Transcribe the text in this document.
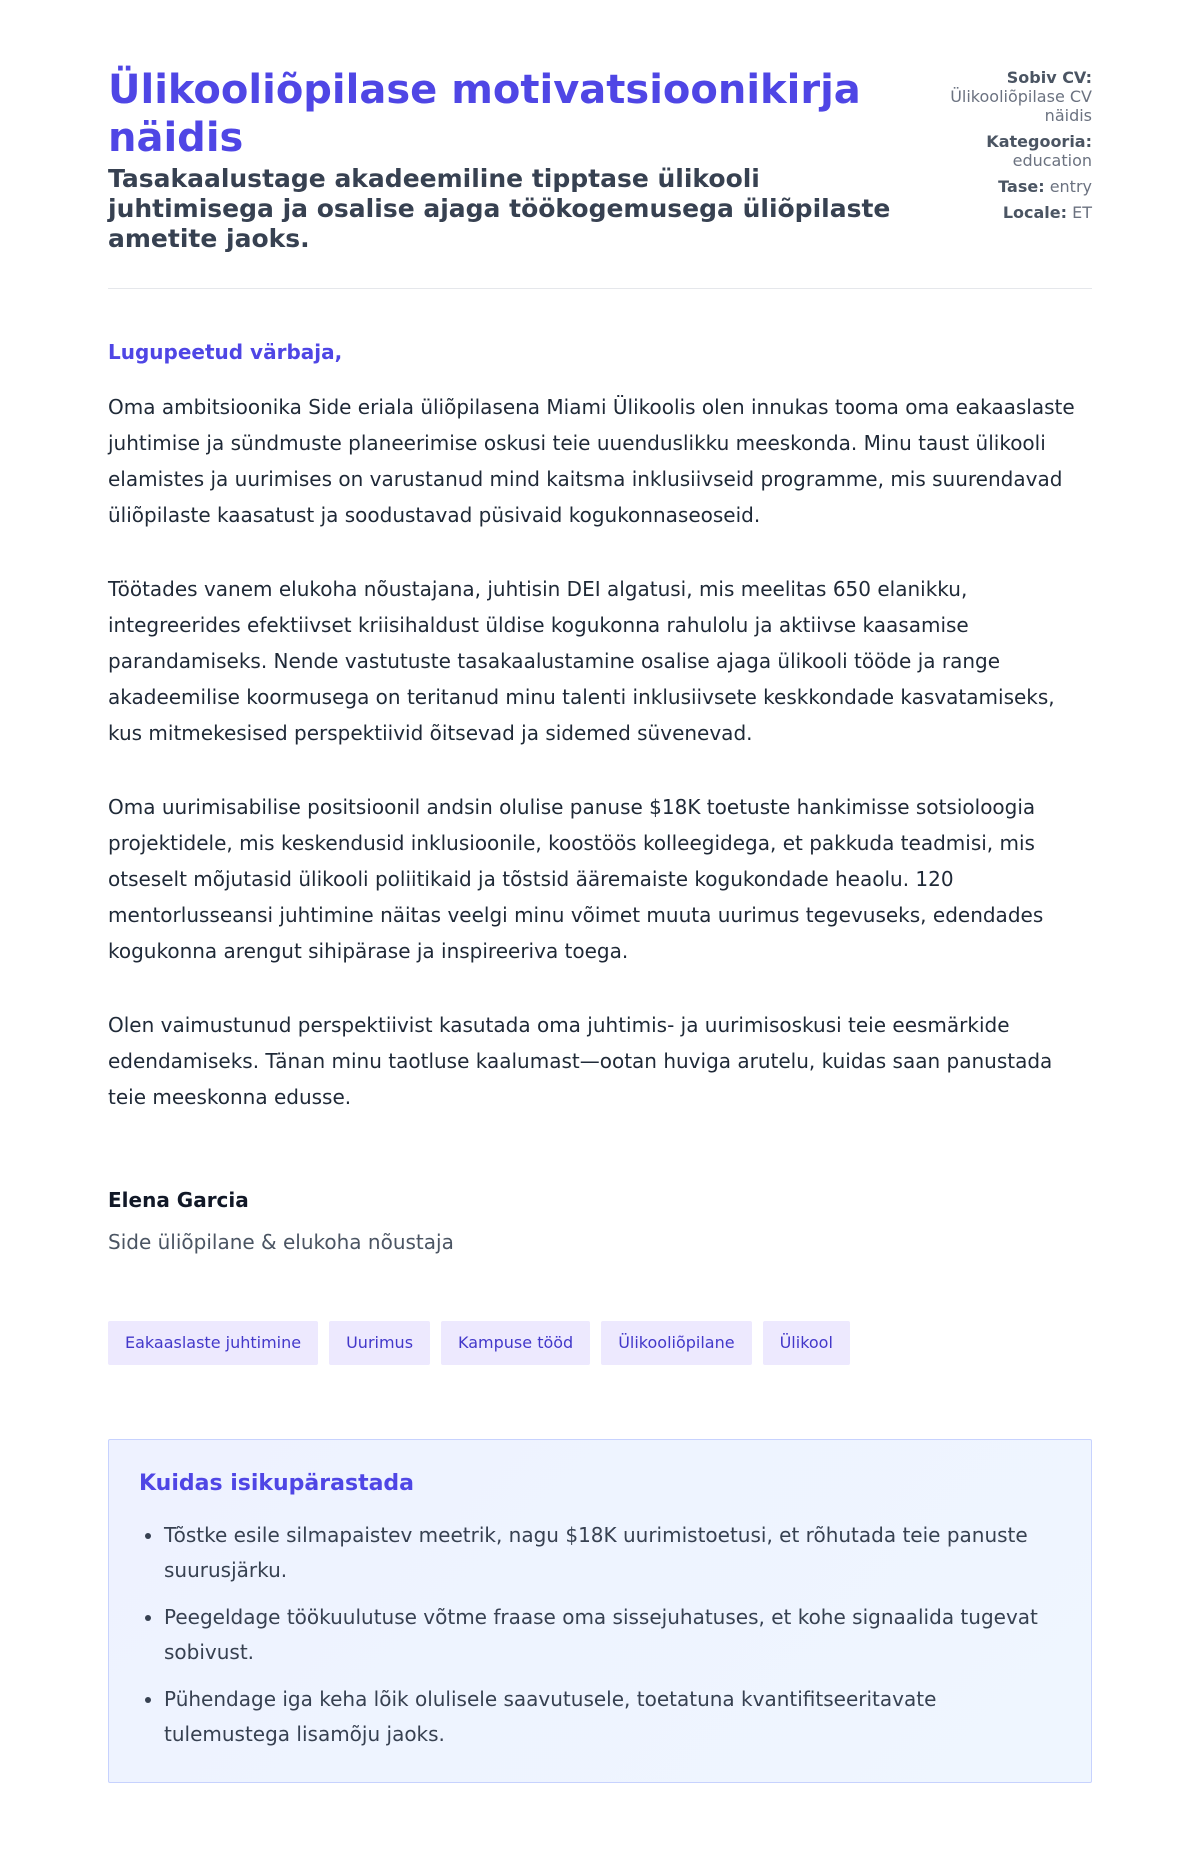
Ülikooliõpilase motivatsioonikirja näidis
Tasakaalustage akadeemiline tipptase ülikooli juhtimisega ja osalise ajaga töökogemusega üliõpilaste ametite jaoks.
Sobiv CV:
Ülikooliõpilase CV näidis
Kategooria:
education
Tase: entry
Locale: ET
Lugupeetud värbaja,

Oma ambitsioonika Side eriala üliõpilasena Miami Ülikoolis olen innukas tooma oma eakaaslaste juhtimise ja sündmuste planeerimise oskusi teie uuenduslikku meeskonda. Minu taust ülikooli elamistes ja uurimises on varustanud mind kaitsma inklusiivseid programme, mis suurendavad üliõpilaste kaasatust ja soodustavad püsivaid kogukonnaseoseid.

Töötades vanem elukoha nõustajana, juhtisin DEI algatusi, mis meelitas 650 elanikku, integreerides efektiivset kriisihaldust üldise kogukonna rahulolu ja aktiivse kaasamise parandamiseks. Nende vastutuste tasakaalustamine osalise ajaga ülikooli tööde ja range akadeemilise koormusega on teritanud minu talenti inklusiivsete keskkondade kasvatamiseks, kus mitmekesised perspektiivid õitsevad ja sidemed süvenevad.

Oma uurimisabilise positsioonil andsin olulise panuse $18K toetuste hankimisse sotsioloogia projektidele, mis keskendusid inklusioonile, koostöös kolleegidega, et pakkuda teadmisi, mis otseselt mõjutasid ülikooli poliitikaid ja tõstsid ääremaiste kogukondade heaolu. 120 mentorlusseansi juhtimine näitas veelgi minu võimet muuta uurimus tegevuseks, edendades kogukonna arengut sihipärase ja inspireeriva toega.

Olen vaimustunud perspektiivist kasutada oma juhtimis- ja uurimisoskusi teie eesmärkide edendamiseks. Tänan minu taotluse kaalumast—ootan huviga arutelu, kuidas saan panustada teie meeskonna edusse.

Elena Garcia
Side üliõpilane & elukoha nõustaja
Eakaaslaste juhtimine	Uurimus	Kampuse tööd	Ülikooliõpilane	Ülikool
Kuidas isikupärastada
• Tõstke esile silmapaistev meetrik, nagu $18K uurimistoetusi, et rõhutada teie panuste suurusjärku.
• Peegeldage töökuulutuse võtme fraase oma sissejuhatuses, et kohe signaalida tugevat sobivust.
• Pühendage iga keha lõik olulisele saavutusele, toetatuna kvantifitseeritavate tulemustega lisamõju jaoks.
